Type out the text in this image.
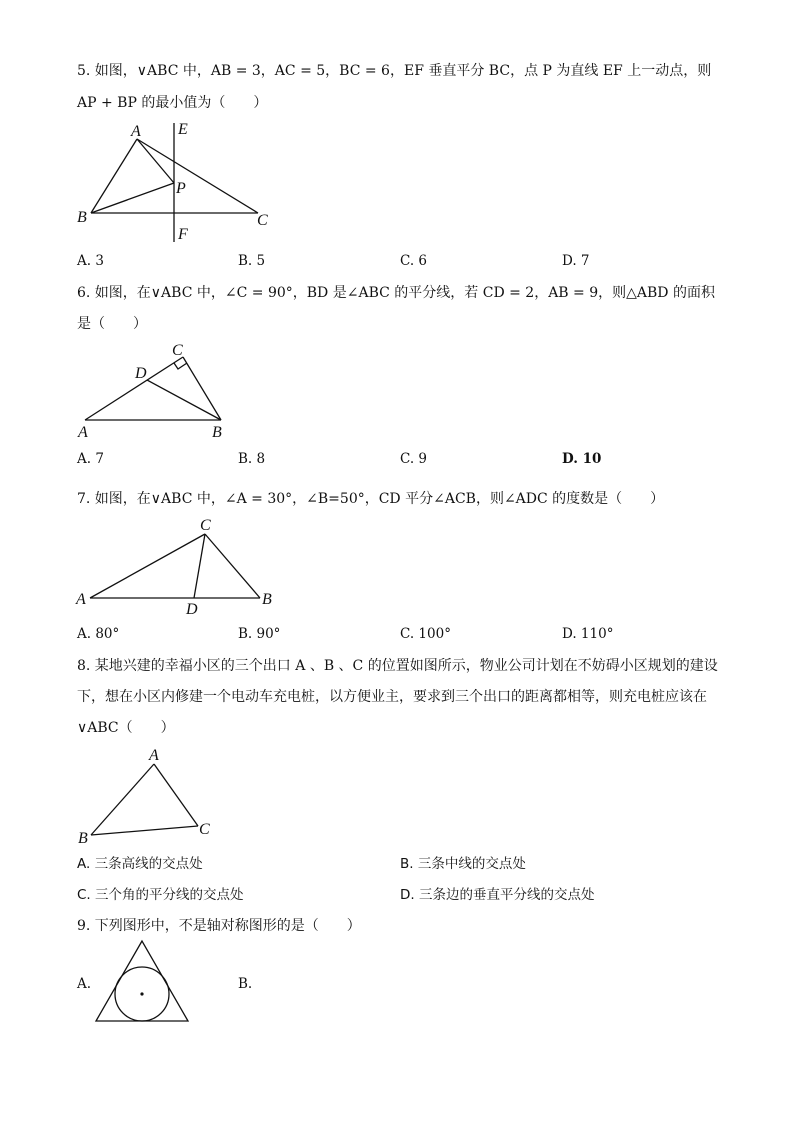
5. 如图，∨ABC 中，AB = 3，AC = 5，BC = 6，EF 垂直平分 BC，点 P 为直线 EF 上一动点，则
AP + BP 的最小值为（　　）
A E
P
B	C
F
A. 3	B. 5	C. 6	D. 7
6. 如图，在∨ABC 中，∠C = 90°，BD 是∠ABC 的平分线，若 CD = 2，AB = 9，则△ABD 的面积
是（　　）
C
D
A	B
A. 7	B. 8	C. 9	D. 10
7. 如图，在∨ABC 中，∠A = 30°，∠B=50°，CD 平分∠ACB，则∠ADC 的度数是（　　）
C
A
D
B
A. 80°	B. 90°	C. 100°	D. 110°
8. 某地兴建的幸福小区的三个出口 A 、B 、C 的位置如图所示，物业公司计划在不妨碍小区规划的建设
下，想在小区内修建一个电动车充电桩，以方便业主，要求到三个出口的距离都相等，则充电桩应该在
∨ABC（　　）
A
B
C
A. 三条高线的交点处	B. 三条中线的交点处
C. 三个角的平分线的交点处	D. 三条边的垂直平分线的交点处
9. 下列图形中，不是轴对称图形的是（　　）
A.	B.
